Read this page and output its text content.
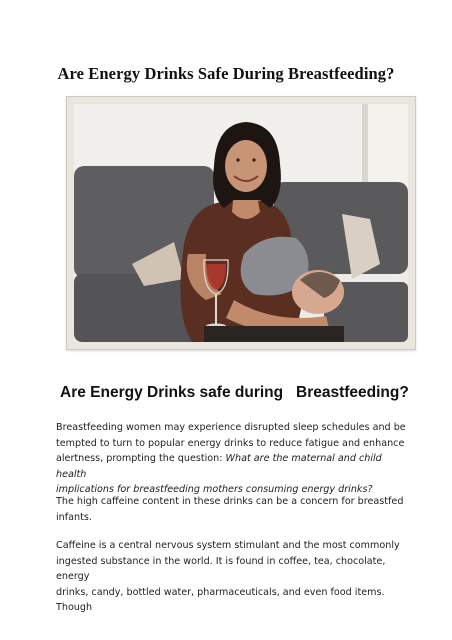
Are Energy Drinks Safe During Breastfeeding?
Are Energy Drinks safe during   Breastfeeding?

Breastfeeding women may experience disrupted sleep schedules and be
tempted to turn to popular energy drinks to reduce fatigue and enhance
alertness, prompting the question: What are the maternal and child health
implications for breastfeeding mothers consuming energy drinks?

The high caffeine content in these drinks can be a concern for breastfed
infants.

Caffeine is a central nervous system stimulant and the most commonly
ingested substance in the world. It is found in coffee, tea, chocolate, energy
drinks, candy, bottled water, pharmaceuticals, and even food items. Though
